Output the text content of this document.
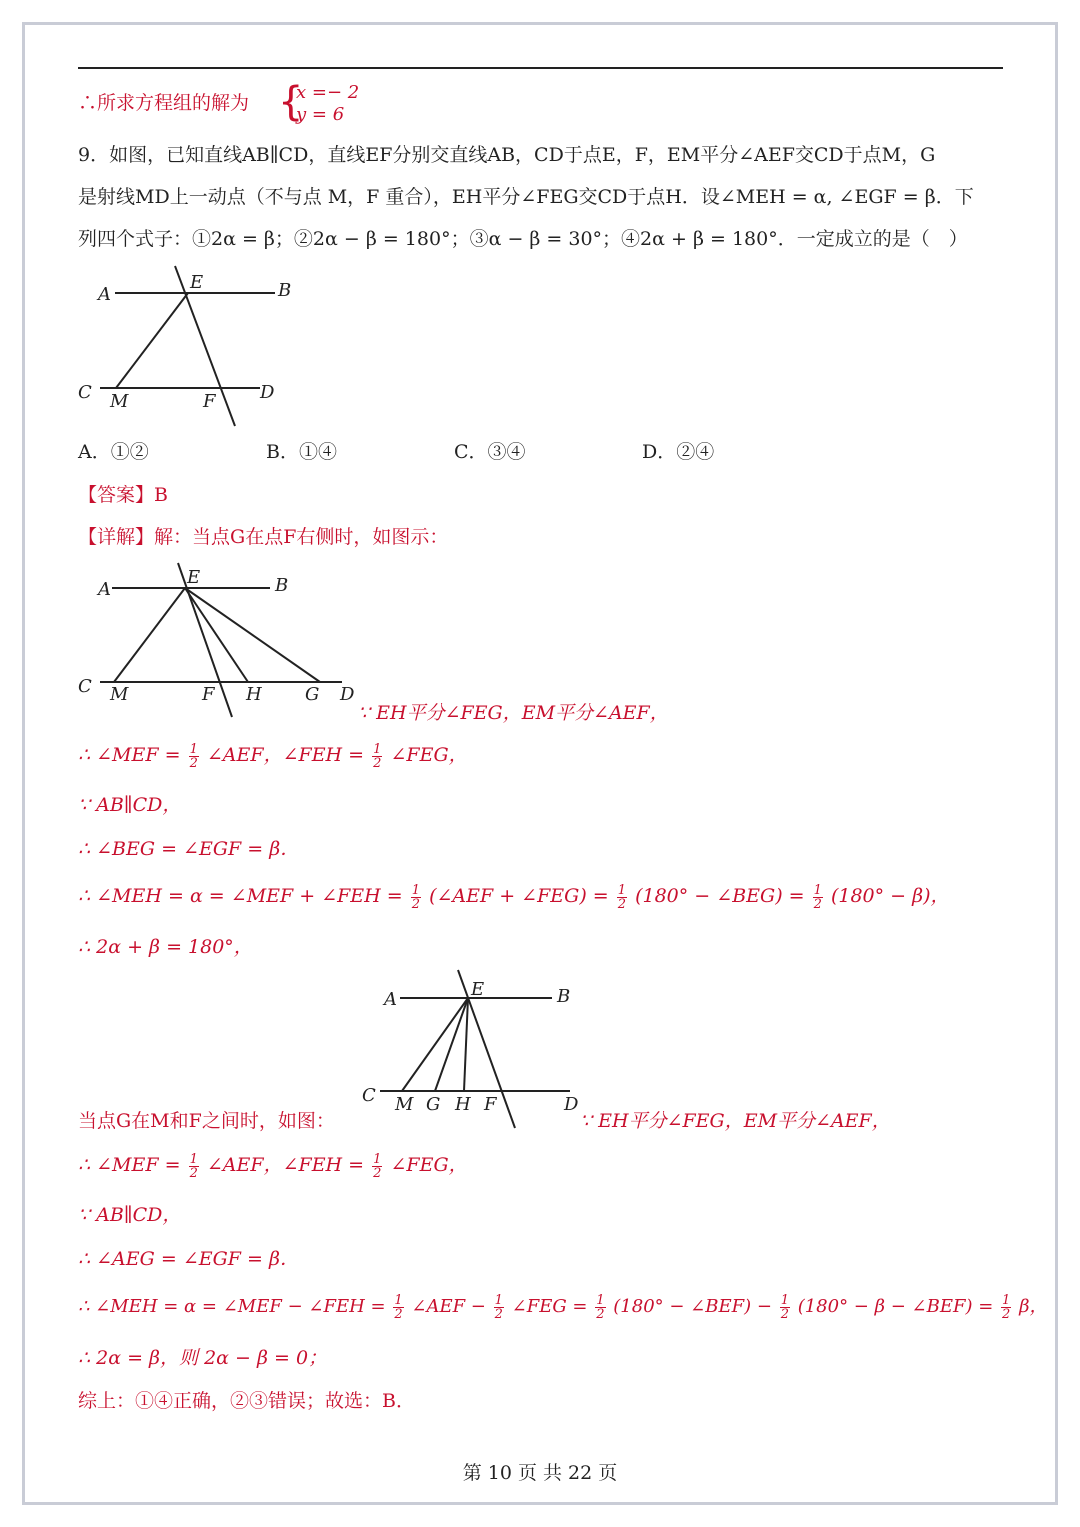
∴所求方程组的解为 {
x =− 2
y = 6
9．如图，已知直线AB∥CD，直线EF分别交直线AB，CD于点E，F，EM平分∠AEF交CD于点M，G
是射线MD上一动点（不与点 M，F 重合），EH平分∠FEG交CD于点H．设∠MEH = α, ∠EGF = β．下
列四个式子：①2α = β；②2α − β = 180°；③α − β = 30°；④2α + β = 180°．一定成立的是（　）
A	B
E
C M	F D
A．①②	B．①④	C．③④	D．②④
【答案】B
【详解】解：当点G在点F右侧时，如图示：
A	B
E
C M	F H G D
∵ EH平分∠FEG，EM平分∠AEF，
∴ ∠MEF = $\frac{1}{2}$ ∠AEF，∠FEH = $\frac{1}{2}$ ∠FEG，
∵ AB∥CD，
∴ ∠BEG = ∠EGF = β．
∴ ∠MEH = α = ∠MEF + ∠FEH = $\frac{1}{2}$ (∠AEF + ∠FEG) = $\frac{1}{2} (180^\circ$ − ∠BEG) = $\frac{1}{2} (180^\circ - \beta)$，
∴ 2α + β = 180°，
A	B
E
C M G H F	D
当点G在M和F之间时，如图：	∵ EH平分∠FEG，EM平分∠AEF，
∴ ∠MEF = $\frac{1}{2}$ ∠AEF，∠FEH = $\frac{1}{2}$ ∠FEG，
∵ AB∥CD，
∴ ∠AEG = ∠EGF = β．
∴ ∠MEH = α = ∠MEF − ∠FEH = $\frac{1}{2}$ ∠AEF − $\frac{1}{2}$ ∠FEG = $\frac{1}{2} (180^\circ$ − ∠BEF) − $\frac{1}{2} (180^\circ - \beta$ − ∠BEF) = $\frac{1}{2}$ β，
∴ 2α = β，则 2α − β = 0；
综上：①④正确，②③错误；故选：B．
第 10 页 共 22 页
